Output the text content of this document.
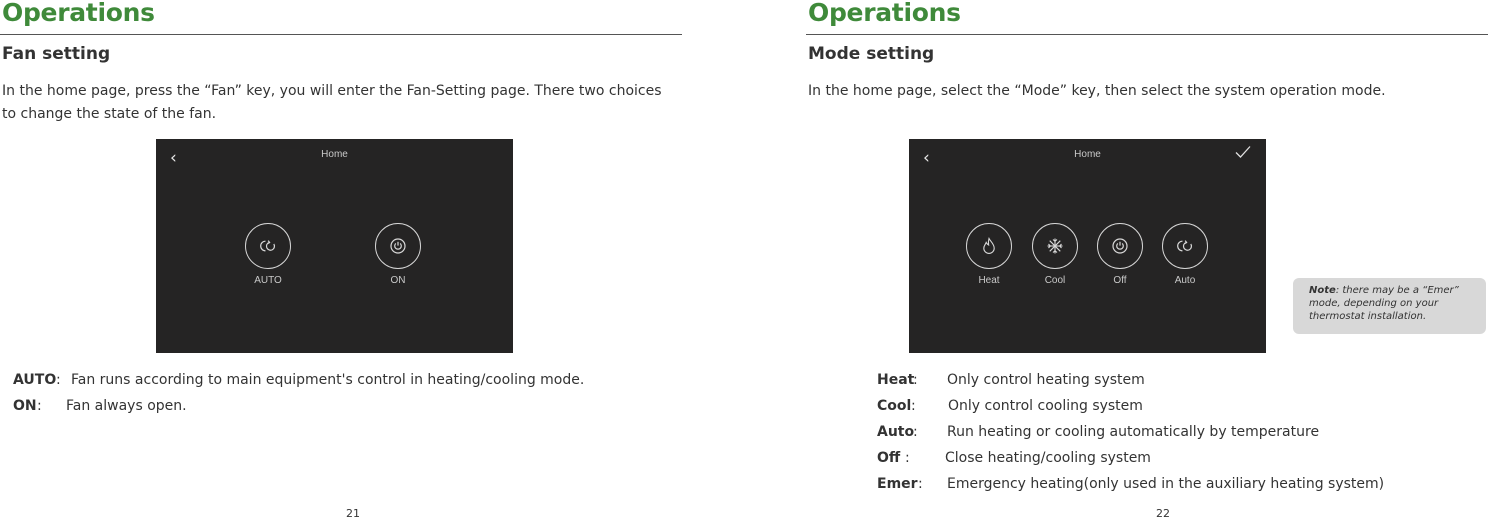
Operations
Fan setting
In the home page, press the “Fan” key, you will enter the Fan-Setting page. There two choices to change the state of the fan.
‹	Home
AUTO	ON
AUTO : Fan runs according to main equipment's control in heating/cooling mode.
ON : Fan always open.
21
Operations
Mode setting
In the home page, select the “Mode” key, then select the system operation mode.
‹	Home
Heat	Cool	Off	Auto
Note: there may be a “Emer” mode, depending on your thermostat installation.
Heat
: Only control heating system
Cool : Only control cooling system
Auto
: Run heating or cooling automatically by temperature
Off :	Close heating/cooling system
Emer : Emergency heating(only used in the auxiliary heating system)
22
